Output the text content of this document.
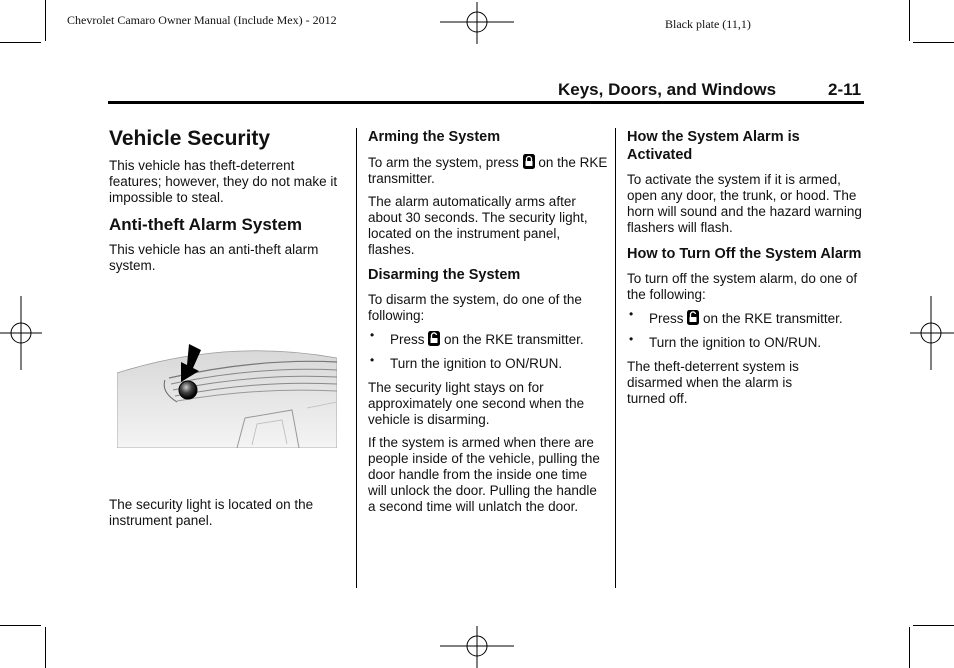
Chevrolet Camaro Owner Manual (Include Mex) - 2012	Black plate (11,1)
Keys, Doors, and Windows	2-11
Vehicle Security

This vehicle has theft-deterrent features; however, they do not make it impossible to steal.

Anti-theft Alarm System

This vehicle has an anti-theft alarm system.

The security light is located on the instrument panel.

Arming the System

To arm the system, press on the RKE transmitter.

The alarm automatically arms after about 30 seconds. The security light, located on the instrument panel, flashes.

Disarming the System

To disarm the system, do one of the following:

• Press on the RKE transmitter.
• Turn the ignition to ON/RUN.

The security light stays on for approximately one second when the vehicle is disarming.

If the system is armed when there are people inside of the vehicle, pulling the door handle from the inside one time will unlock the door. Pulling the handle a second time will unlatch the door.

How the System Alarm is Activated

To activate the system if it is armed, open any door, the trunk, or hood. The horn will sound and the hazard warning flashers will flash.

How to Turn Off the System Alarm

To turn off the system alarm, do one of the following:

• Press on the RKE transmitter.
• Turn the ignition to ON/RUN.

The theft-deterrent system is disarmed when the alarm is turned off.
